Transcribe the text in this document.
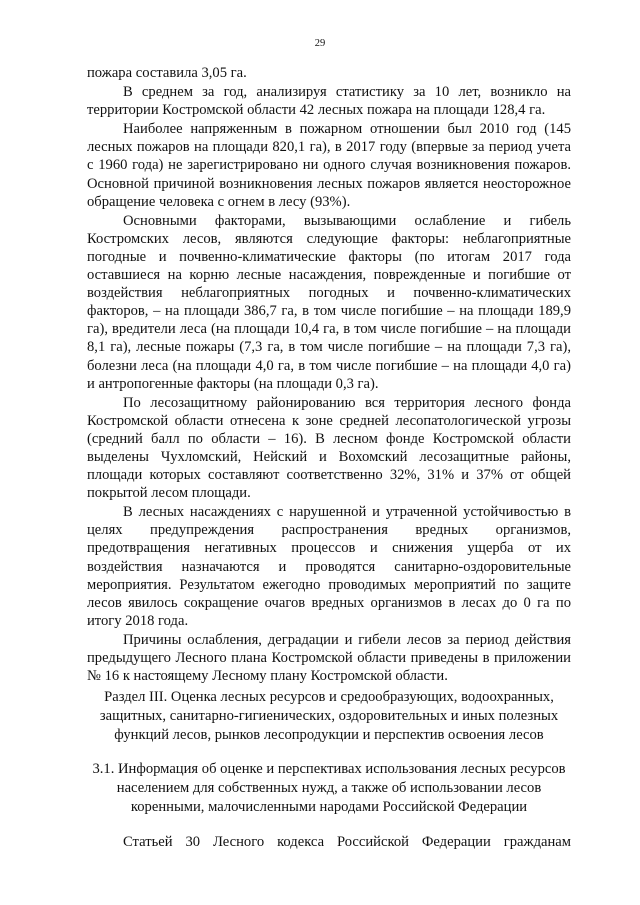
29

пожара составила 3,05 га.

В среднем за год, анализируя статистику за 10 лет, возникло на территории Костромской области 42 лесных пожара на площади 128,4 га.

Наиболее напряженным в пожарном отношении был 2010 год (145 лесных пожаров на площади 820,1 га), в 2017 году (впервые за период учета с 1960 года) не зарегистрировано ни одного случая возникновения пожаров. Основной причиной возникновения лесных пожаров является неосторожное обращение человека с огнем в лесу (93%).

Основными факторами, вызывающими ослабление и гибель Костромских лесов, являются следующие факторы: неблагоприятные погодные и почвенно-климатические факторы (по итогам 2017 года оставшиеся на корню лесные насаждения, поврежденные и погибшие от воздействия неблагоприятных погодных и почвенно-климатических факторов, – на площади 386,7 га, в том числе погибшие – на площади 189,9 га), вредители леса (на площади 10,4 га, в том числе погибшие – на площади 8,1 га), лесные пожары (7,3 га, в том числе погибшие – на площади 7,3 га), болезни леса (на площади 4,0 га, в том числе погибшие – на площади 4,0 га) и антропогенные факторы (на площади 0,3 га).

По лесозащитному районированию вся территория лесного фонда Костромской области отнесена к зоне средней лесопатологической угрозы (средний балл по области – 16). В лесном фонде Костромской области выделены Чухломский, Нейский и Вохомский лесозащитные районы, площади которых составляют соответственно 32%, 31% и 37% от общей покрытой лесом площади.

В лесных насаждениях с нарушенной и утраченной устойчивостью в целях предупреждения распространения вредных организмов, предотвращения негативных процессов и снижения ущерба от их воздействия назначаются и проводятся санитарно-оздоровительные мероприятия. Результатом ежегодно проводимых мероприятий по защите лесов явилось сокращение очагов вредных организмов в лесах до 0 га по итогу 2018 года.

Причины ослабления, деградации и гибели лесов за период действия предыдущего Лесного плана Костромской области приведены в приложении № 16 к настоящему Лесному плану Костромской области.

Раздел III. Оценка лесных ресурсов и средообразующих, водоохранных, защитных, санитарно-гигиенических, оздоровительных и иных полезных функций лесов, рынков лесопродукции и перспектив освоения лесов

3.1. Информация об оценке и перспективах использования лесных ресурсов населением для собственных нужд, а также об использовании лесов коренными, малочисленными народами Российской Федерации

Статьей 30 Лесного кодекса Российской Федерации гражданам
